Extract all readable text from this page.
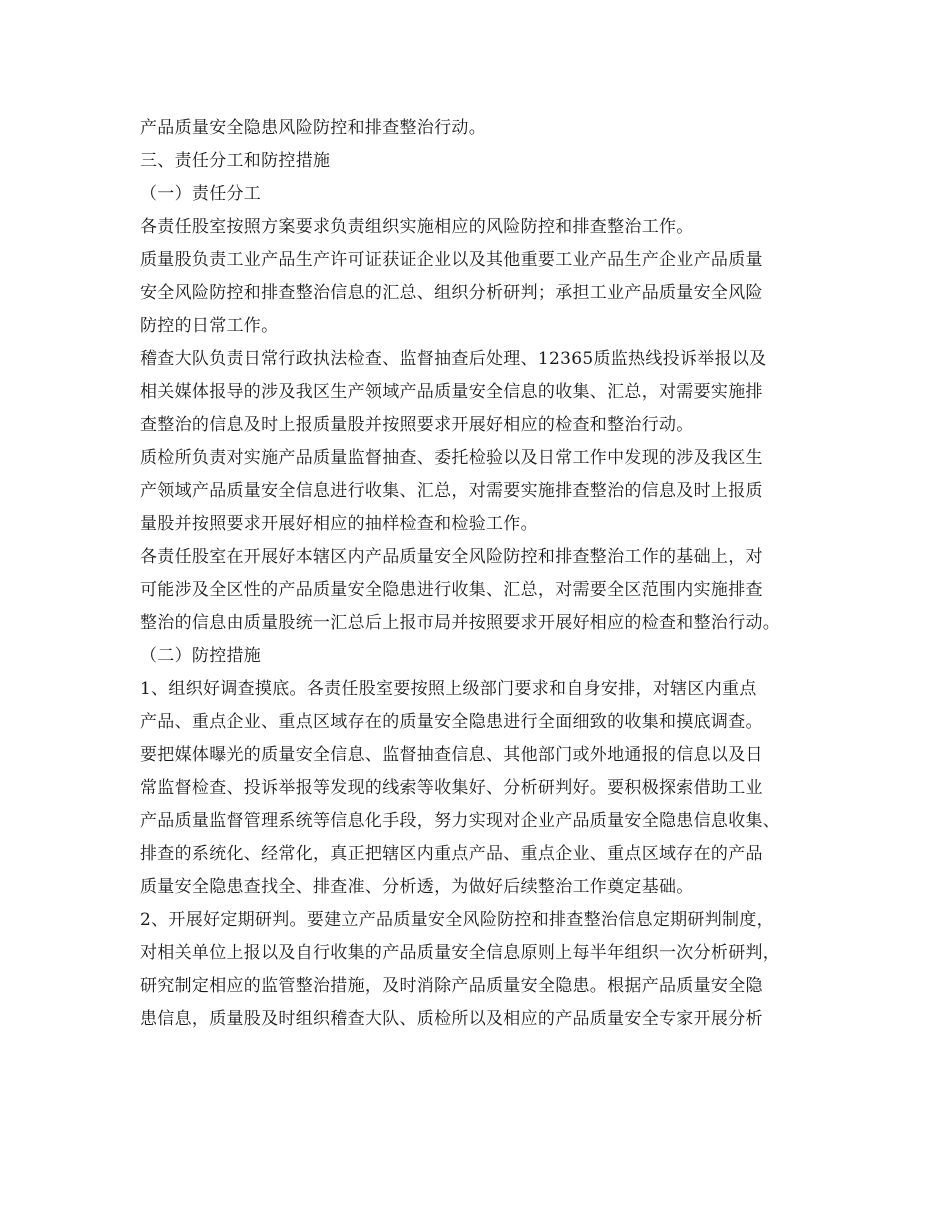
产品质量安全隐患风险防控和排查整治行动。
三、责任分工和防控措施
（一）责任分工
各责任股室按照方案要求负责组织实施相应的风险防控和排查整治工作。
质量股负责工业产品生产许可证获证企业以及其他重要工业产品生产企业产品质量
安全风险防控和排查整治信息的汇总、组织分析研判；承担工业产品质量安全风险
防控的日常工作。
稽查大队负责日常行政执法检查、监督抽查后处理、12365质监热线投诉举报以及
相关媒体报导的涉及我区生产领域产品质量安全信息的收集、汇总，对需要实施排
查整治的信息及时上报质量股并按照要求开展好相应的检查和整治行动。
质检所负责对实施产品质量监督抽查、委托检验以及日常工作中发现的涉及我区生
产领域产品质量安全信息进行收集、汇总，对需要实施排查整治的信息及时上报质
量股并按照要求开展好相应的抽样检查和检验工作。
各责任股室在开展好本辖区内产品质量安全风险防控和排查整治工作的基础上，对
可能涉及全区性的产品质量安全隐患进行收集、汇总，对需要全区范围内实施排查
整治的信息由质量股统一汇总后上报市局并按照要求开展好相应的检查和整治行动。
（二）防控措施
1、组织好调查摸底。各责任股室要按照上级部门要求和自身安排，对辖区内重点
产品、重点企业、重点区域存在的质量安全隐患进行全面细致的收集和摸底调查。
要把媒体曝光的质量安全信息、监督抽查信息、其他部门或外地通报的信息以及日
常监督检查、投诉举报等发现的线索等收集好、分析研判好。要积极探索借助工业
产品质量监督管理系统等信息化手段，努力实现对企业产品质量安全隐患信息收集、
排查的系统化、经常化，真正把辖区内重点产品、重点企业、重点区域存在的产品
质量安全隐患查找全、排查准、分析透，为做好后续整治工作奠定基础。
2、开展好定期研判。要建立产品质量安全风险防控和排查整治信息定期研判制度，
对相关单位上报以及自行收集的产品质量安全信息原则上每半年组织一次分析研判，
研究制定相应的监管整治措施，及时消除产品质量安全隐患。根据产品质量安全隐
患信息，质量股及时组织稽查大队、质检所以及相应的产品质量安全专家开展分析
